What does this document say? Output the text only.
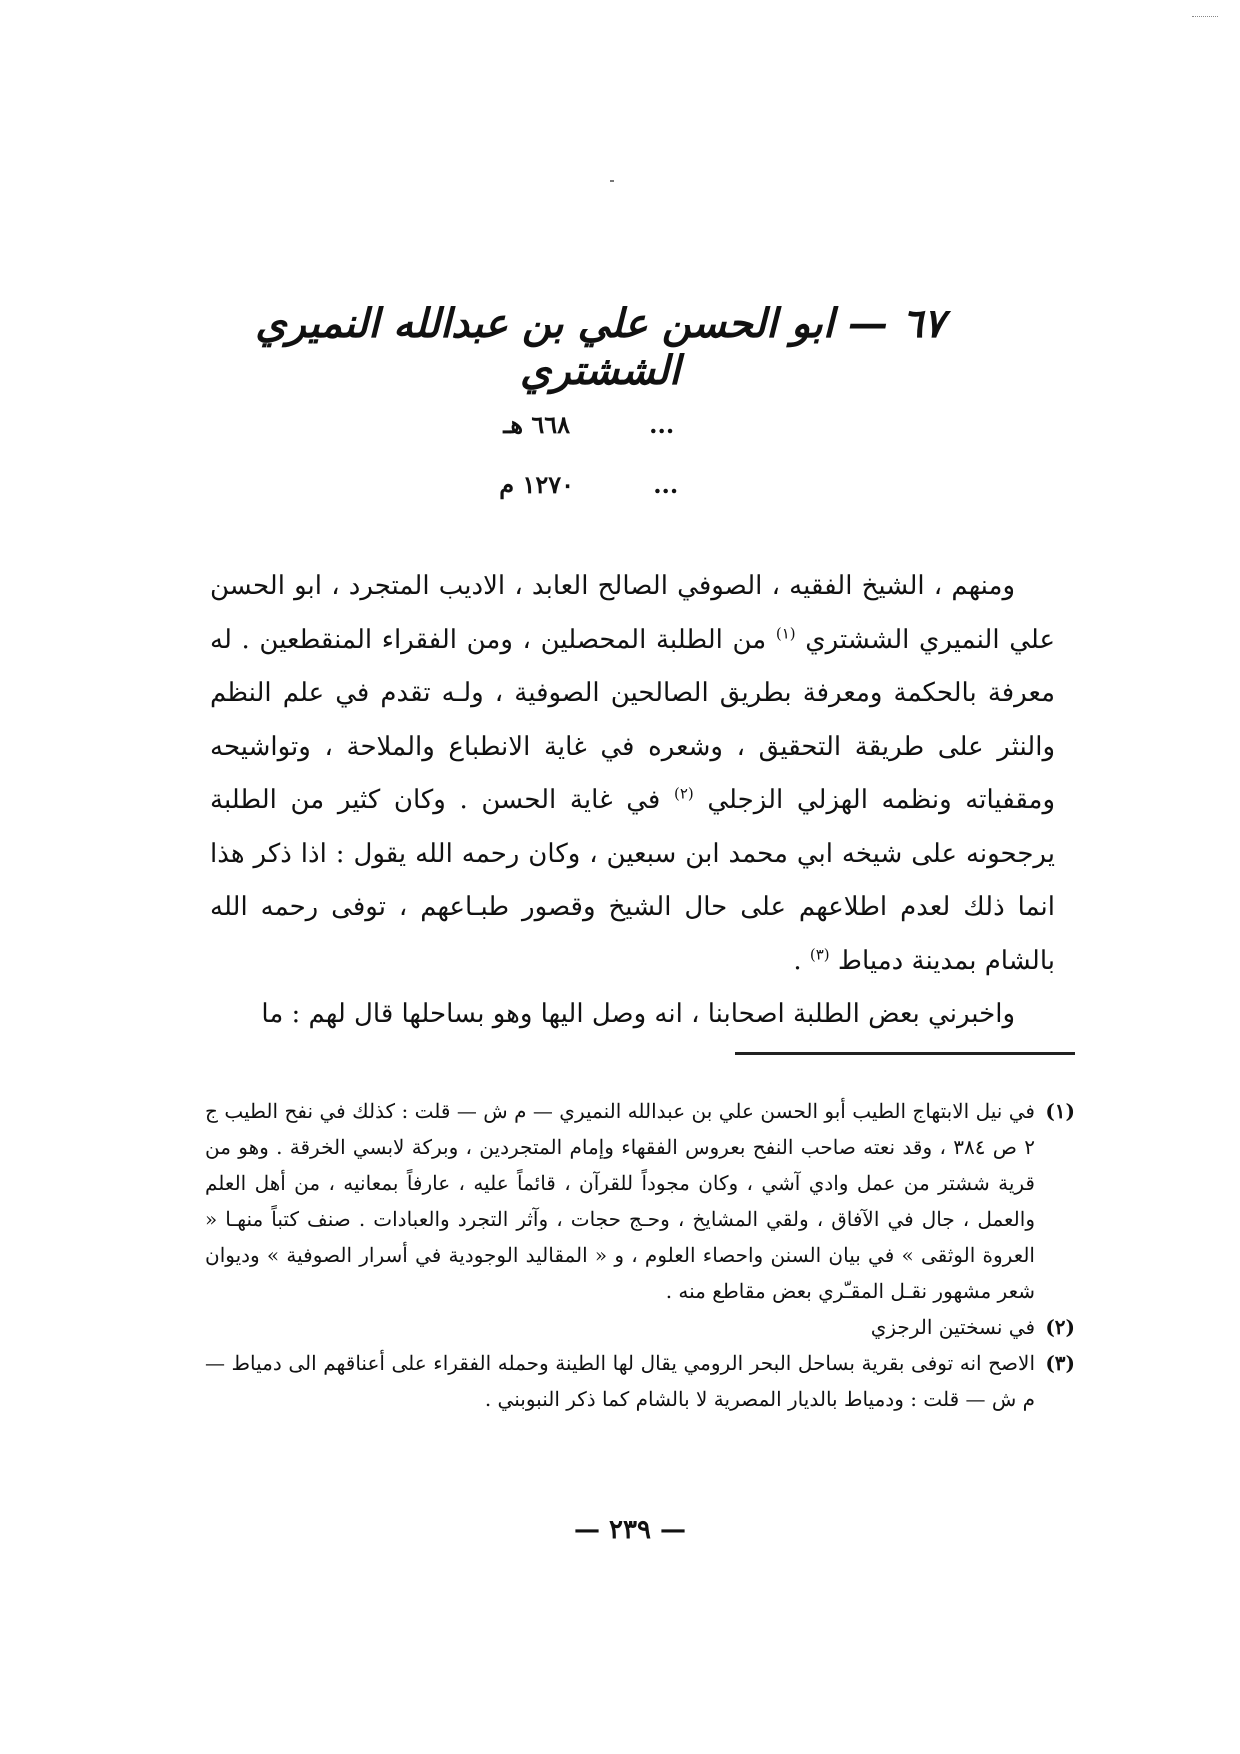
٦٧ — ابو الحسن علي بن عبدالله النميري الششتري
...  ٦٦٨ هـ
...  ١٢٧٠ م

ومنهم ، الشيخ الفقيه ، الصوفي الصالح العابد ، الاديب المتجرد ، ابو الحسن علي النميري الششتري $^{(١)}$ من الطلبة المحصلين ، ومن الفقراء المنقطعين . له معرفة بالحكمة ومعرفة بطريق الصالحين الصوفية ، ولـه تقدم في علم النظم والنثر على طريقة التحقيق ، وشعره في غاية الانطباع والملاحة ، وتواشيحه ومقفياته ونظمه الهزلي الزجلي $^{(٢)}$ في غاية الحسن . وكان كثير من الطلبة يرجحونه على شيخه ابي محمد ابن سبعين ، وكان رحمه الله يقول : اذا ذكر هذا انما ذلك لعدم اطلاعهم على حال الشيخ وقصور طبـاعهم ، توفى رحمه الله بالشام بمدينة دمياط $^{(٣)}$ .

واخبرني بعض الطلبة اصحابنا ، انه وصل اليها وهو بساحلها قال لهم : ما

(١)
في نيل الابتهاج الطيب أبو الحسن علي بن عبدالله النميري — م ش — قلت : كذلك في نفح الطيب ج ٢ ص ٣٨٤ ، وقد نعته صاحب النفح بعروس الفقهاء وإمام المتجردين ، وبركة لابسي الخرقة . وهو من قرية ششتر من عمل وادي آشي ، وكان مجوداً للقرآن ، قائماً عليه ، عارفاً بمعانيه ، من أهل العلم والعمل ، جال في الآفاق ، ولقي المشايخ ، وحـج حجات ، وآثر التجرد والعبادات . صنف كتباً منهـا « العروة الوثقى » في بيان السنن واحصاء العلوم ، و « المقاليد الوجودية في أسرار الصوفية » وديوان شعر مشهور نقـل المقـّري بعض مقاطع منه .
(٢)
في نسختين الرجزي
(٣)
الاصح انه توفى بقرية بساحل البحر الرومي يقال لها الطينة وحمله الفقراء على أعناقهم الى دمياط — م ش — قلت : ودمياط بالديار المصرية لا بالشام كما ذكر النبوبني .
— ٢٣٩ —
